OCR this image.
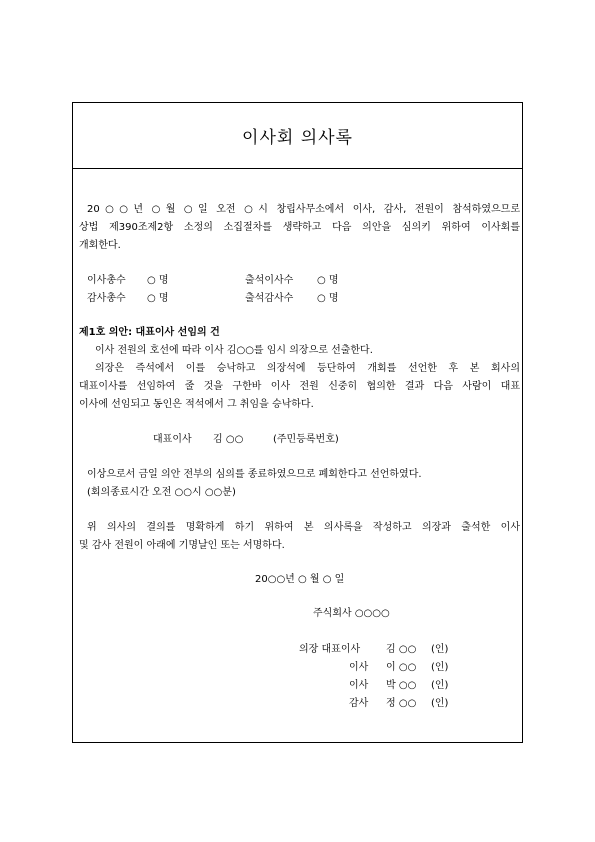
이사회 의사록
20○○년 ○월 ○일 오전 ○시 창립사무소에서 이사, 감사, 전원이 참석하였으므로
상법 제390조제2항 소정의 소집절차를 생략하고 다음 의안을 심의키 위하여 이사회를
개회한다.
이사총수 ○ 명	출석이사수 ○ 명
감사총수 ○ 명	출석감사수 ○ 명
제1호 의안: 대표이사 선임의 건
이사 전원의 호선에 따라 이사 김○○를 임시 의장으로 선출한다.
의장은 즉석에서 이를 승낙하고 의장석에 등단하여 개회를 선언한 후 본 회사의
대표이사를 선임하여 줄 것을 구한바 이사 전원 신중히 협의한 결과 다음 사람이 대표
이사에 선임되고 동인은 적석에서 그 취임을 승낙하다.
대표이사 김 ○○	(주민등록번호)
이상으로서 금일 의안 전부의 심의를 종료하였으므로 폐회한다고 선언하였다.
(회의종료시간 오전 ○○시 ○○분)
위 의사의 결의를 명확하게 하기 위하여 본 의사록을 작성하고 의장과 출석한 이사
및 감사 전원이 아래에 기명날인 또는 서명하다.
20○○년 ○ 월 ○ 일
주식회사 ○○○○
의장 대표이사	김 ○○ (인)
이사 이 ○○ (인)
이사 박 ○○ (인)
감사 정 ○○ (인)
